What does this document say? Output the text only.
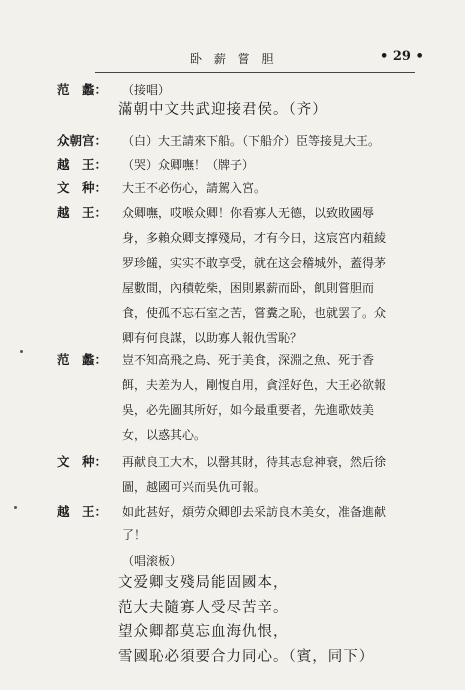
卧 薪 嘗 胆	• 29 •
范　蠡：	（接唱）
滿朝中文共武迎接君侯。（齐）
众朝宫：	（白）大王請來下船。（下船介）臣等接見大王。
越　王：	（哭）众卿嘸！（牌子）
文　种：	大王不必伤心，請駕入宮。
越　王：	众卿嘸，哎喉众卿！你看寡人无德，以致敗國辱
身，多賴众卿支撑殘局，才有今日，这宸宮内蒩綾
罗珍饈，实实不敢享受，就在这会稽城外，蓋得茅
屋數間，內積乾柴，困則累薪而卧，飢則嘗胆而
食，使孤不忘石室之苦，嘗糞之恥，也就罢了。众
卿有何良謀，以助寡人報仇雪恥？
范　蠡：	豈不知高飛之鳥、死于美食，深淵之魚、死于香
餌，夫差为人，剛愎自用，貪淫好色，大王必欲報
吳，必先圖其所好，如今最重要者，先進歌妓美
女，以惑其心。
文　种：	再献良工大木，以罄其財，待其志怠神衰，然后徐
圖，越國可兴而吳仇可報。
越　王：	如此甚好，煩劳众卿卽去采訪良木美女，准备進献
了！
（唱滚板）
文爱卿支殘局能固國本，
范大夫隨寡人受尽苦辛。
望众卿都莫忘血海仇恨，
雪國恥必須要合力同心。（賓，同下）
